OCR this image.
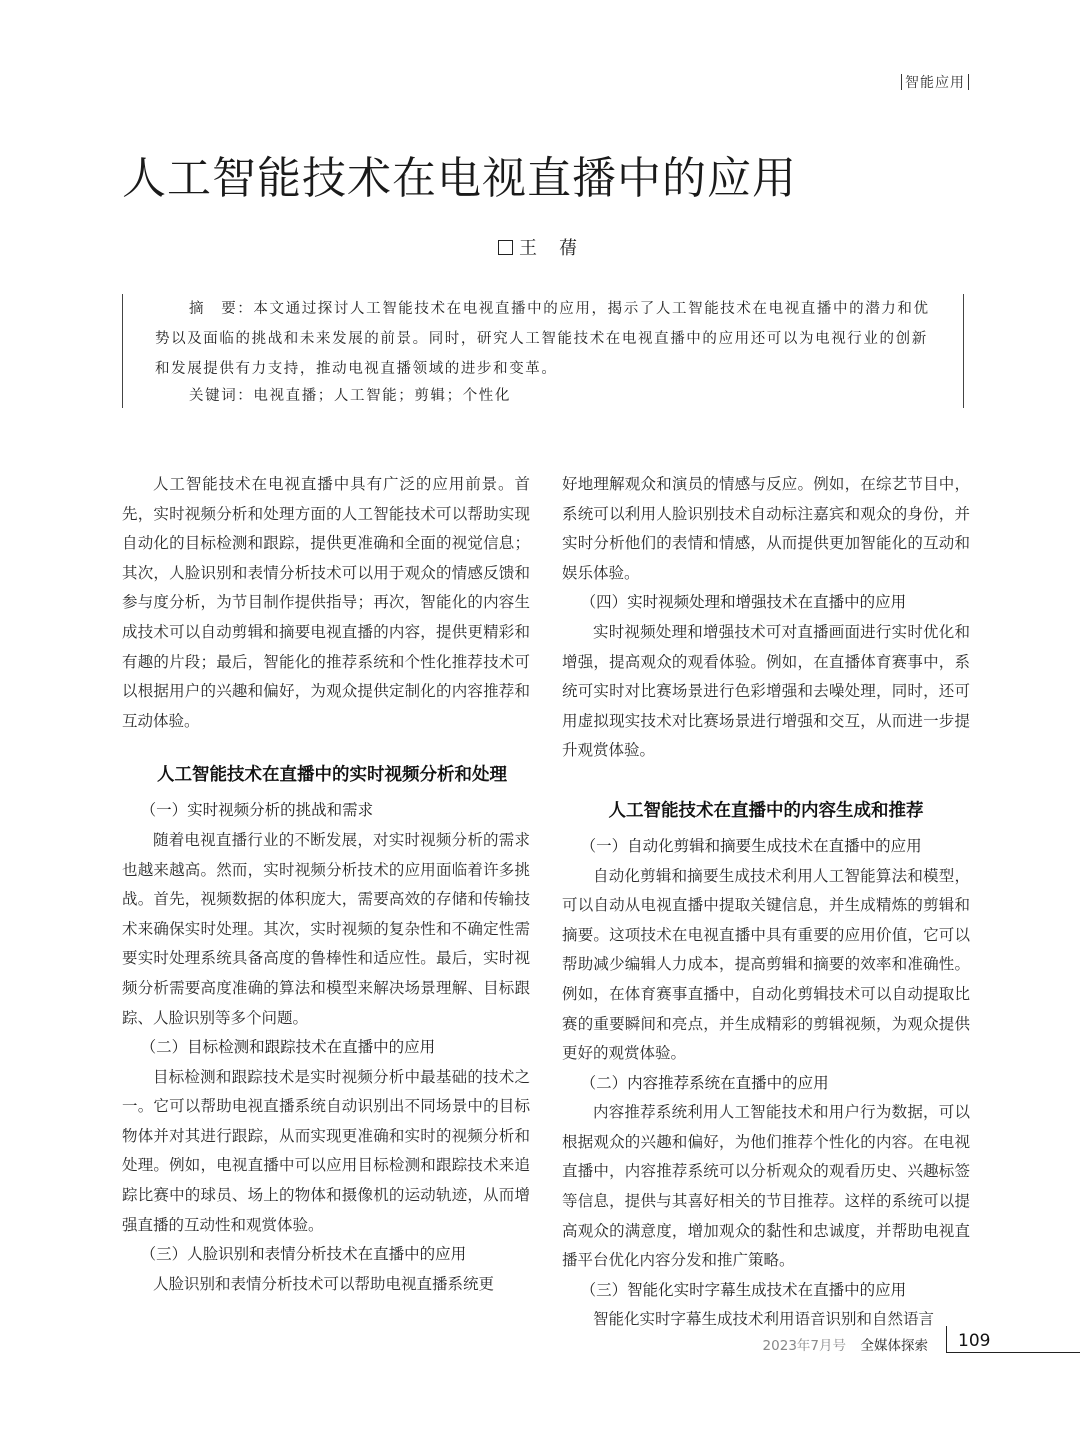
智能应用
人工智能技术在电视直播中的应用
王　蒨

摘　要：本文通过探讨人工智能技术在电视直播中的应用，揭示了人工智能技术在电视直播中的潜力和优势以及面临的挑战和未来发展的前景。同时，研究人工智能技术在电视直播中的应用还可以为电视行业的创新和发展提供有力支持，推动电视直播领域的进步和变革。

关键词：电视直播；人工智能；剪辑；个性化

人工智能技术在电视直播中具有广泛的应用前景。首先，实时视频分析和处理方面的人工智能技术可以帮助实现自动化的目标检测和跟踪，提供更准确和全面的视觉信息；其次，人脸识别和表情分析技术可以用于观众的情感反馈和参与度分析，为节目制作提供指导；再次，智能化的内容生成技术可以自动剪辑和摘要电视直播的内容，提供更精彩和有趣的片段；最后，智能化的推荐系统和个性化推荐技术可以根据用户的兴趣和偏好，为观众提供定制化的内容推荐和互动体验。

人工智能技术在直播中的实时视频分析和处理
（一）实时视频分析的挑战和需求

随着电视直播行业的不断发展，对实时视频分析的需求也越来越高。然而，实时视频分析技术的应用面临着许多挑战。首先，视频数据的体积庞大，需要高效的存储和传输技术来确保实时处理。其次，实时视频的复杂性和不确定性需要实时处理系统具备高度的鲁棒性和适应性。最后，实时视频分析需要高度准确的算法和模型来解决场景理解、目标跟踪、人脸识别等多个问题。

（二）目标检测和跟踪技术在直播中的应用

目标检测和跟踪技术是实时视频分析中最基础的技术之一。它可以帮助电视直播系统自动识别出不同场景中的目标物体并对其进行跟踪，从而实现更准确和实时的视频分析和处理。例如，电视直播中可以应用目标检测和跟踪技术来追踪比赛中的球员、场上的物体和摄像机的运动轨迹，从而增强直播的互动性和观赏体验。

（三）人脸识别和表情分析技术在直播中的应用

人脸识别和表情分析技术可以帮助电视直播系统更

好地理解观众和演员的情感与反应。例如，在综艺节目中，系统可以利用人脸识别技术自动标注嘉宾和观众的身份，并实时分析他们的表情和情感，从而提供更加智能化的互动和娱乐体验。

（四）实时视频处理和增强技术在直播中的应用

实时视频处理和增强技术可对直播画面进行实时优化和增强，提高观众的观看体验。例如，在直播体育赛事中，系统可实时对比赛场景进行色彩增强和去噪处理，同时，还可用虚拟现实技术对比赛场景进行增强和交互，从而进一步提升观赏体验。

人工智能技术在直播中的内容生成和推荐
（一）自动化剪辑和摘要生成技术在直播中的应用

自动化剪辑和摘要生成技术利用人工智能算法和模型，可以自动从电视直播中提取关键信息，并生成精炼的剪辑和摘要。这项技术在电视直播中具有重要的应用价值，它可以帮助减少编辑人力成本，提高剪辑和摘要的效率和准确性。例如，在体育赛事直播中，自动化剪辑技术可以自动提取比赛的重要瞬间和亮点，并生成精彩的剪辑视频，为观众提供更好的观赏体验。

（二）内容推荐系统在直播中的应用

内容推荐系统利用人工智能技术和用户行为数据，可以根据观众的兴趣和偏好，为他们推荐个性化的内容。在电视直播中，内容推荐系统可以分析观众的观看历史、兴趣标签等信息，提供与其喜好相关的节目推荐。这样的系统可以提高观众的满意度，增加观众的黏性和忠诚度，并帮助电视直播平台优化内容分发和推广策略。

（三）智能化实时字幕生成技术在直播中的应用

智能化实时字幕生成技术利用语音识别和自然语言

2023年7月号 全媒体探索 109
